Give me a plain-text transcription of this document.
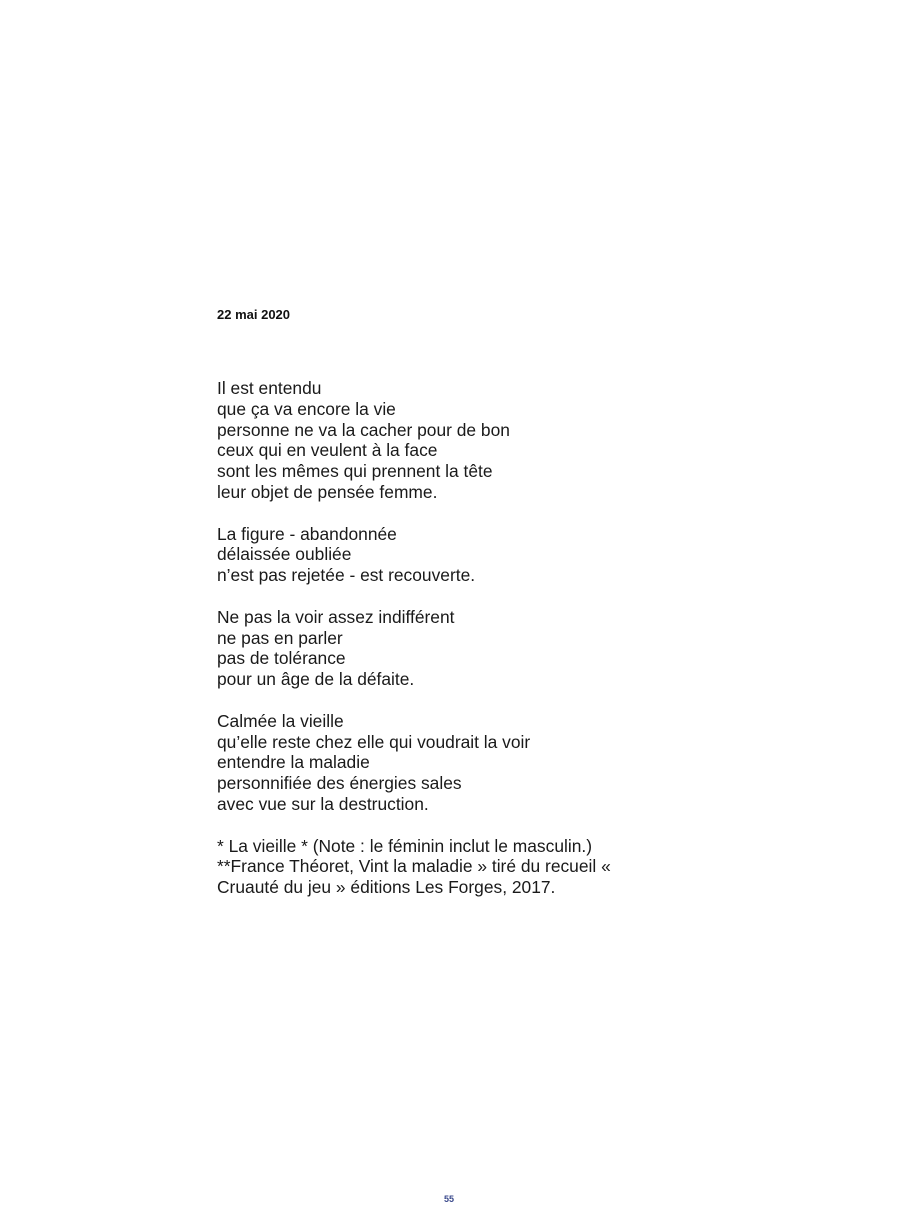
22 mai 2020
Il est entendu
que ça va encore la vie
personne ne va la cacher pour de bon
ceux qui en veulent à la face
sont les mêmes qui prennent la tête
leur objet de pensée femme.
La figure - abandonnée
délaissée oubliée
n’est pas rejetée - est recouverte.
Ne pas la voir assez indifférent
ne pas en parler
pas de tolérance
pour un âge de la défaite.
Calmée la vieille
qu’elle reste chez elle qui voudrait la voir
entendre la maladie
personnifiée des énergies sales
avec vue sur la destruction.
* La vieille * (Note : le féminin inclut le masculin.)
**France Théoret, Vint la maladie » tiré du recueil «
Cruauté du jeu » éditions Les Forges, 2017.
55
